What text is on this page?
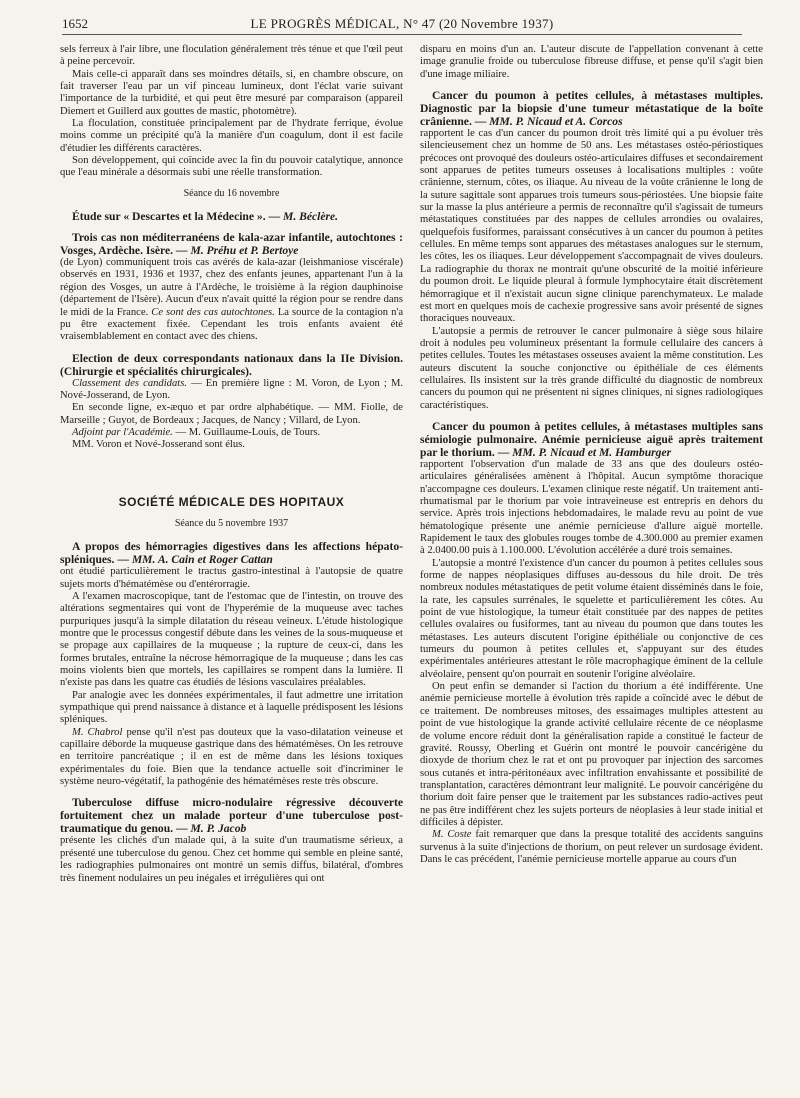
1652	LE PROGRÈS MÉDICAL, N° 47 (20 Novembre 1937)

sels ferreux à l'air libre, une floculation généralement très ténue et que l'œil peut à peine percevoir.

Mais celle-ci apparaît dans ses moindres détails, si, en chambre obscure, on fait traverser l'eau par un vif pinceau lumineux, dont l'éclat varie suivant l'importance de la turbidité, et qui peut être mesuré par comparaison (appareil Diemert et Guillerd aux gouttes de mastic, photomètre).

La floculation, constituée principalement par de l'hydrate ferrique, évolue moins comme un précipité qu'à la manière d'un coagulum, dont il est facile d'étudier les différents caractères.

Son développement, qui coïncide avec la fin du pouvoir catalytique, annonce que l'eau minérale a désormais subi une réelle transformation.

Séance du 16 novembre

Étude sur « Descartes et la Médecine ». — M. Béclère.
Trois cas non méditerranéens de kala-azar infantile, autochtones : Vosges, Ardèche. Isère. — M. Préhu et P. Bertoye

(de Lyon) communiquent trois cas avérés de kala-azar (leishmaniose viscérale) observés en 1931, 1936 et 1937, chez des enfants jeunes, appartenant l'un à la région des Vosges, un autre à l'Ardèche, le troisième à la région dauphinoise (département de l'Isère). Aucun d'eux n'avait quitté la région pour se rendre dans le midi de la France. Ce sont des cas autochtones. La source de la contagion n'a pu être exactement fixée. Cependant les trois enfants avaient été vraisemblablement en contact avec des chiens.

Election de deux correspondants nationaux dans la IIe Division. (Chirurgie et spécialités chirurgicales).

Classement des candidats. — En première ligne : M. Voron, de Lyon ; M. Nové-Josserand, de Lyon.

En seconde ligne, ex-æquo et par ordre alphabétique. — MM. Fiolle, de Marseille ; Guyot, de Bordeaux ; Jacques, de Nancy ; Villard, de Lyon.

Adjoint par l'Académie. — M. Guillaume-Louis, de Tours.

MM. Voron et Nové-Josserand sont élus.

SOCIÉTÉ MÉDICALE DES HOPITAUX

Séance du 5 novembre 1937

A propos des hémorragies digestives dans les affections hépato-spléniques. — MM. A. Cain et Roger Cattan

ont étudié particulièrement le tractus gastro-intestinal à l'autopsie de quatre sujets morts d'hématémèse ou d'entérorragie.

A l'examen macroscopique, tant de l'estomac que de l'intestin, on trouve des altérations segmentaires qui vont de l'hyperémie de la muqueuse avec taches purpuriques jusqu'à la simple dilatation du réseau veineux. L'étude histologique montre que le processus congestif débute dans les veines de la sous-muqueuse et se propage aux capillaires de la muqueuse ; la rupture de ceux-ci, dans les formes brutales, entraîne la nécrose hémorragique de la muqueuse ; dans les cas moins violents bien que mortels, les capillaires se rompent dans la lumière. Il n'existe pas dans les quatre cas étudiés de lésions vasculaires préalables.

Par analogie avec les données expérimentales, il faut admettre une irritation sympathique qui prend naissance à distance et à laquelle prédisposent les lésions spléniques.

M. Chabrol pense qu'il n'est pas douteux que la vaso-dilatation veineuse et capillaire déborde la muqueuse gastrique dans des hématémèses. On les retrouve en territoire pancréatique ; il en est de même dans les lésions toxiques expérimentales du foie. Bien que la tendance actuelle soit d'incriminer le système neuro-végétatif, la pathogénie des hématémèses reste très obscure.

Tuberculose diffuse micro-nodulaire régressive découverte fortuitement chez un malade porteur d'une tuberculose post-traumatique du genou. — M. P. Jacob

présente les clichés d'un malade qui, à la suite d'un traumatisme sérieux, a présenté une tuberculose du genou. Chez cet homme qui semble en pleine santé, les radiographies pulmonaires ont montré un semis diffus, bilatéral, d'ombres très finement nodulaires un peu inégales et irrégulières qui ont

disparu en moins d'un an. L'auteur discute de l'appellation convenant à cette image granulie froide ou tuberculose fibreuse diffuse, et pense qu'il s'agit bien d'une image miliaire.

Cancer du poumon à petites cellules, à métastases multiples. Diagnostic par la biopsie d'une tumeur métastatique de la boîte crânienne. — MM. P. Nicaud et A. Corcos

rapportent le cas d'un cancer du poumon droit très limité qui a pu évoluer très silencieusement chez un homme de 50 ans. Les métastases ostéo-périostiques précoces ont provoqué des douleurs ostéo-articulaires diffuses et secondairement sont apparues de petites tumeurs osseuses à localisations multiples : voûte crânienne, sternum, côtes, os iliaque. Au niveau de la voûte crânienne le long de la suture sagittale sont apparues trois tumeurs sous-périostées. Une biopsie faite sur la masse la plus antérieure a permis de reconnaître qu'il s'agissait de tumeurs métastatiques constituées par des nappes de cellules arrondies ou ovalaires, quelquefois fusiformes, paraissant consécutives à un cancer du poumon à petites cellules. En même temps sont apparues des métastases analogues sur le sternum, les côtes, les os iliaques. Leur développement s'accompagnait de vives douleurs. La radiographie du thorax ne montrait qu'une obscurité de la moitié inférieure du poumon droit. Le liquide pleural à formule lymphocytaire était discrètement hémorragique et il n'existait aucun signe clinique parenchymateux. Le malade est mort en quelques mois de cachexie progressive sans avoir présenté de signes thoraciques nouveaux.

L'autopsie a permis de retrouver le cancer pulmonaire à siège sous hilaire droit à nodules peu volumineux présentant la formule cellulaire des cancers à petites cellules. Toutes les métastases osseuses avaient la même constitution. Les auteurs discutent la souche conjonctive ou épithéliale de ces éléments cellulaires. Ils insistent sur la très grande difficulté du diagnostic de nombreux cancers du poumon qui ne présentent ni signes cliniques, ni signes radiologiques caractéristiques.

Cancer du poumon à petites cellules, à métastases multiples sans sémiologie pulmonaire. Anémie pernicieuse aiguë après traitement par le thorium. — MM. P. Nicaud et M. Hamburger

rapportent l'observation d'un malade de 33 ans que des douleurs ostéo-articulaires généralisées amènent à l'hôpital. Aucun symptôme thoracique n'accompagne ces douleurs. L'examen clinique reste négatif. Un traitement anti-rhumatismal par le thorium par voie intraveineuse est entrepris en dehors du service. Après trois injections hebdomadaires, le malade revu au point de vue hématologique présente une anémie pernicieuse d'allure aiguë mortelle. Rapidement le taux des globules rouges tombe de 4.300.000 au premier examen à 2.0400.00 puis à 1.100.000. L'évolution accélérée a duré trois semaines.

L'autopsie a montré l'existence d'un cancer du poumon à petites cellules sous forme de nappes néoplasiques diffuses au-dessous du hile droit. De très nombreux nodules métastatiques de petit volume étaient disséminés dans le foie, la rate, les capsules surrénales, le squelette et particulièrement les côtes. Au point de vue histologique, la tumeur était constituée par des nappes de petites cellules ovalaires ou fusiformes, tant au niveau du poumon que dans toutes les métastases. Les auteurs discutent l'origine épithéliale ou conjonctive de ces tumeurs du poumon à petites cellules et, s'appuyant sur des études expérimentales antérieures attestant le rôle macrophagique éminent de la cellule alvéolaire, pensent qu'on pourrait en soutenir l'origine alvéolaire.

On peut enfin se demander si l'action du thorium a été indifférente. Une anémie pernicieuse mortelle à évolution très rapide a coïncidé avec le début de ce traitement. De nombreuses mitoses, des essaimages multiples attestent au point de vue histologique la grande activité cellulaire récente de ce néoplasme de volume encore réduit dont la généralisation rapide a constitué le facteur de gravité. Roussy, Oberling et Guérin ont montré le pouvoir cancérigène du dioxyde de thorium chez le rat et ont pu provoquer par injection des sarcomes sous cutanés et intra-péritonéaux avec infiltration envahissante et possibilité de transplantation, caractères démontrant leur malignité. Le pouvoir cancérigène du thorium doit faire penser que le traitement par les substances radio-actives peut ne pas être indifférent chez les sujets porteurs de néoplasies à leur stade initial et difficiles à dépister.

M. Coste fait remarquer que dans la presque totalité des accidents sanguins survenus à la suite d'injections de thorium, on peut relever un surdosage évident. Dans le cas précédent, l'anémie pernicieuse mortelle apparue au cours d'un
